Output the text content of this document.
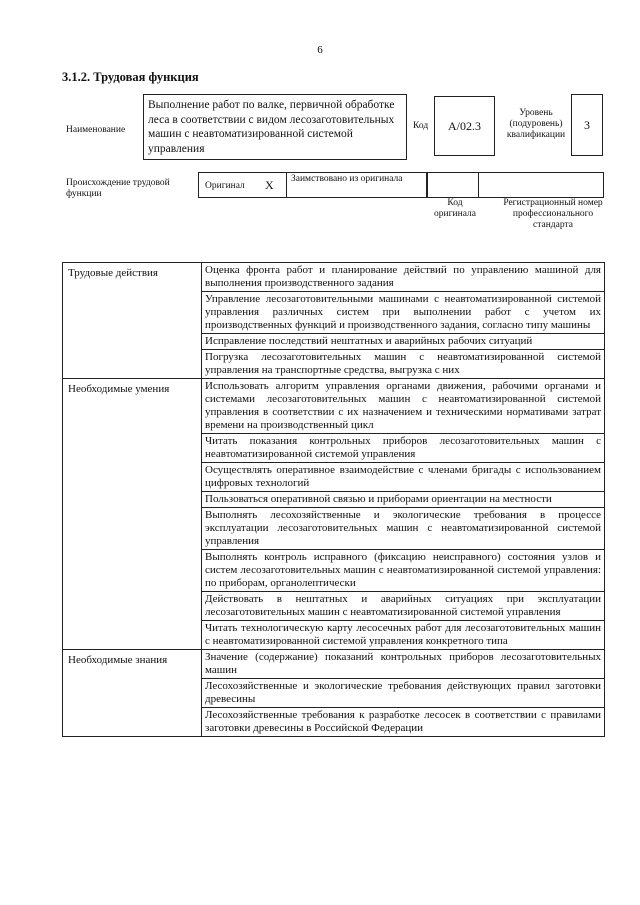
6
3.1.2. Трудовая функция
Наименование
Выполнение работ по валке, первичной обработке леса в соответствии с видом лесозаготовительных машин с неавтоматизированной системой управления
Код	A/02.3
Уровень (подуровень) квалификации
3
Происхождение трудовой функции
Оригинал X Заимствовано из оригинала
Код оригинала
Регистрационный номер профессионального стандарта
Трудовые действия	Оценка фронта работ и планирование действий по управлению машиной для выполнения производственного задания
	Управление лесозаготовительными машинами с неавтоматизированной системой управления различных систем при выполнении работ с учетом их производственных функций и производственного задания, согласно типу машины
	Исправление последствий нештатных и аварийных рабочих ситуаций
	Погрузка лесозаготовительных машин с неавтоматизированной системой управления на транспортные средства, выгрузка с них
Необходимые умения	Использовать алгоритм управления органами движения, рабочими органами и системами лесозаготовительных машин с неавтоматизированной системой управления в соответствии с их назначением и техническими нормативами затрат времени на производственный цикл
	Читать показания контрольных приборов лесозаготовительных машин с неавтоматизированной системой управления
	Осуществлять оперативное взаимодействие с членами бригады с использованием цифровых технологий
	Пользоваться оперативной связью и приборами ориентации на местности
	Выполнять лесохозяйственные и экологические требования в процессе эксплуатации лесозаготовительных машин с неавтоматизированной системой управления
	Выполнять контроль исправного (фиксацию неисправного) состояния узлов и систем лесозаготовительных машин с неавтоматизированной системой управления: по приборам, органолептически
	Действовать в нештатных и аварийных ситуациях при эксплуатации лесозаготовительных машин с неавтоматизированной системой управления
	Читать технологическую карту лесосечных работ для лесозаготовительных машин с неавтоматизированной системой управления конкретного типа
Необходимые знания	Значение (содержание) показаний контрольных приборов лесозаготовительных машин
	Лесохозяйственные и экологические требования действующих правил заготовки древесины
	Лесохозяйственные требования к разработке лесосек в соответствии с правилами заготовки древесины в Российской Федерации
